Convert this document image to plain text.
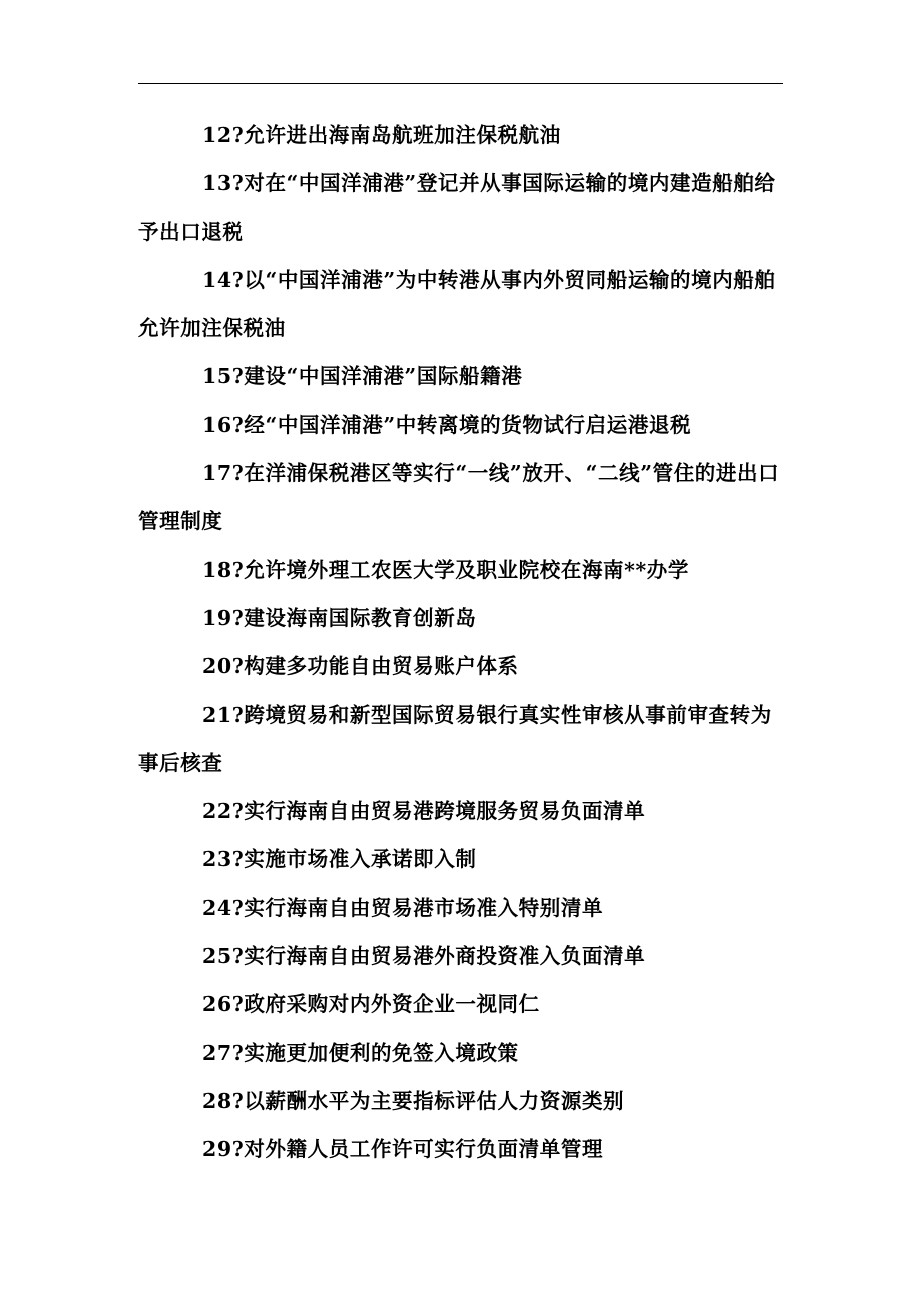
12?允许进出海南岛航班加注保税航油

13?对在“中国洋浦港”登记并从事国际运输的境内建造船舶给予出口退税

14?以“中国洋浦港”为中转港从事内外贸同船运输的境内船舶允许加注保税油

15?建设“中国洋浦港”国际船籍港

16?经“中国洋浦港”中转离境的货物试行启运港退税

17?在洋浦保税港区等实行“一线”放开、“二线”管住的进出口管理制度

18?允许境外理工农医大学及职业院校在海南**办学

19?建设海南国际教育创新岛

20?构建多功能自由贸易账户体系

21?跨境贸易和新型国际贸易银行真实性审核从事前审查转为事后核查

22?实行海南自由贸易港跨境服务贸易负面清单

23?实施市场准入承诺即入制

24?实行海南自由贸易港市场准入特别清单

25?实行海南自由贸易港外商投资准入负面清单

26?政府采购对内外资企业一视同仁

27?实施更加便利的免签入境政策

28?以薪酬水平为主要指标评估人力资源类别

29?对外籍人员工作许可实行负面清单管理
